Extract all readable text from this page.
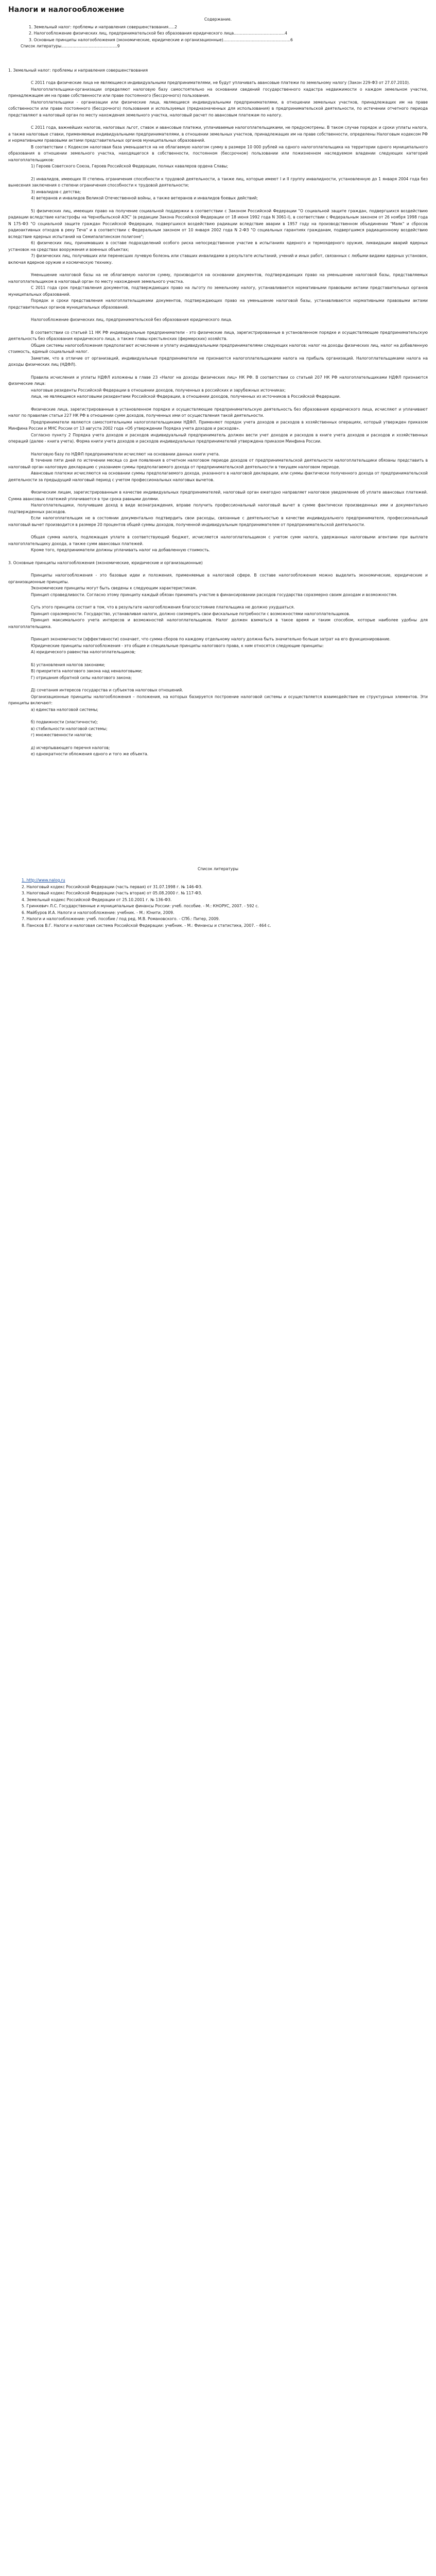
Налоги и налогообложение
Содержание.
1. Земельный налог: проблемы и направления совершенствования.....2
2. Налогообложение физических лиц, предпринимательской без образования юридического лица.........................................4
3. Основные принципы налогообложения (экономические, юридические и организационные)......................................................6
Список литературы.............................................9
1. Земельный налог: проблемы и направления совершенствования

С 2011 года физические лица не являющиеся индивидуальными предпринимателями, не будут уплачивать авансовые платежи по земельному налогу (Закон 229-ФЗ от 27.07.2010).

Налогоплательщики-организации определяют налоговую базу самостоятельно на основании сведений государственного кадастра недвижимости о каждом земельном участке, принадлежащем им на праве собственности или праве постоянного (бессрочного) пользования.

Налогоплательщики - организации или физические лица, являющиеся индивидуальными предпринимателями, в отношении земельных участков, принадлежащих им на праве собственности или праве постоянного (бессрочного) пользования и используемых (предназначенных для использования) в предпринимательской деятельности, по истечении отчетного периода представляют в налоговый орган по месту нахождения земельного участка, налоговый расчет по авансовым платежам по налогу.

С 2011 года, важнейших налогов, налоговых льгот, ставок и авансовые платежи, уплачиваемые налогоплательщиками, не предусмотрены. В таком случае порядок и сроки уплаты налога, а также налоговые ставки, применяемые индивидуальными предпринимателями, в отношении земельных участков, принадлежащих им на праве собственности, определены Налоговым кодексом РФ и нормативными правовыми актами представительных органов муниципальных образований.

В соответствии с Кодексом налоговая база уменьшается на не облагаемую налогом сумму в размере 10 000 рублей на одного налогоплательщика на территории одного муниципального образования в отношении земельного участка, находящегося в собственности, постоянном (бессрочном) пользовании или пожизненном наследуемом владении следующих категорий налогоплательщиков:

1) Героев Советского Союза, Героев Российской Федерации, полных кавалеров ордена Славы;

2) инвалидов, имеющих III степень ограничения способности к трудовой деятельности, а также лиц, которые имеют I и II группу инвалидности, установленную до 1 января 2004 года без вынесения заключения о степени ограничения способности к трудовой деятельности;

3) инвалидов с детства;

4) ветеранов и инвалидов Великой Отечественной войны, а также ветеранов и инвалидов боевых действий;

5) физических лиц, имеющих право на получение социальной поддержки в соответствии с Законом Российской Федерации "О социальной защите граждан, подвергшихся воздействию радиации вследствие катастрофы на Чернобыльской АЭС" (в редакции Закона Российской Федерации от 18 июня 1992 года N 3061-I), в соответствии с Федеральным законом от 26 ноября 1998 года N 175-ФЗ "О социальной защите граждан Российской Федерации, подвергшихся воздействию радиации вследствие аварии в 1957 году на производственном объединении "Маяк" и сбросов радиоактивных отходов в реку Теча" и в соответствии с Федеральным законом от 10 января 2002 года N 2-ФЗ "О социальных гарантиях гражданам, подвергшимся радиационному воздействию вследствие ядерных испытаний на Семипалатинском полигоне";

6) физических лиц, принимавших в составе подразделений особого риска непосредственное участие в испытаниях ядерного и термоядерного оружия, ликвидации аварий ядерных установок на средствах вооружения и военных объектах;

7) физических лиц, получивших или перенесших лучевую болезнь или ставших инвалидами в результате испытаний, учений и иных работ, связанных с любыми видами ядерных установок, включая ядерное оружие и космическую технику.

Уменьшение налоговой базы на не облагаемую налогом сумму, производится на основании документов, подтверждающих право на уменьшение налоговой базы, представляемых налогоплательщиком в налоговый орган по месту нахождения земельного участка.

С 2011 года срок представления документов, подтверждающих право на льготу по земельному налогу, устанавливается нормативными правовыми актами представительных органов муниципальных образований.

Порядок и сроки представления налогоплательщиками документов, подтверждающих право на уменьшение налоговой базы, устанавливаются нормативными правовыми актами представительных органов муниципальных образований.

Налогообложение физических лиц, предпринимательской без образования юридического лица.

В соответствии со статьей 11 НК РФ индивидуальные предприниматели - это физические лица, зарегистрированные в установленном порядке и осуществляющие предпринимательскую деятельность без образования юридического лица, а также главы крестьянских (фермерских) хозяйств.

Общие системы налогообложения предполагают исчисление и уплату индивидуальными предпринимателями следующих налогов: налог на доходы физических лиц, налог на добавленную стоимость, единый социальный налог.

Заметим, что в отличие от организаций, индивидуальные предприниматели не признаются налогоплательщиками налога на прибыль организаций. Налогоплательщиками налога на доходы физических лиц (НДФЛ).

Правила исчисления и уплаты НДФЛ изложены в главе 23 «Налог на доходы физических лиц» НК РФ. В соответствии со статьей 207 НК РФ налогоплательщиками НДФЛ признаются физические лица:

налоговые резиденты Российской Федерации в отношении доходов, полученных в российских и зарубежных источниках;

лица, не являющиеся налоговыми резидентами Российской Федерации, в отношении доходов, полученных из источников в Российской Федерации.

Физические лица, зарегистрированные в установленном порядке и осуществляющие предпринимательскую деятельность без образования юридического лица, исчисляют и уплачивают налог по правилам статьи 227 НК РФ в отношении сумм доходов, полученных ими от осуществления такой деятельности.

Предприниматели являются самостоятельными налогоплательщиками НДФЛ. Применяют порядок учета доходов и расходов в хозяйственных операциях, который утвержден приказом Минфина России и МНС России от 13 августа 2002 года «Об утверждении Порядка учета доходов и расходов».

Согласно пункту 2 Порядка учета доходов и расходов индивидуальный предприниматель должен вести учет доходов и расходов в книге учета доходов и расходов и хозяйственных операций (далее - книга учета). Форма книги учета доходов и расходов индивидуальных предпринимателей утверждена приказом Минфина России.

Налоговую базу по НДФЛ предприниматели исчисляют на основании данных книги учета.

В течение пяти дней по истечении месяца со дня появления в отчетном налоговом периоде доходов от предпринимательской деятельности налогоплательщики обязаны представить в налоговый орган налоговую декларацию с указанием суммы предполагаемого дохода от предпринимательской деятельности в текущем налоговом периоде.

Авансовые платежи исчисляются на основании суммы предполагаемого дохода, указанного в налоговой декларации, или суммы фактически полученного дохода от предпринимательской деятельности за предыдущий налоговый период с учетом профессиональных налоговых вычетов.

Физическим лицам, зарегистрированным в качестве индивидуальных предпринимателей, налоговый орган ежегодно направляет налоговое уведомление об уплате авансовых платежей. Сумма авансовых платежей уплачивается в три срока равными долями.

Налогоплательщики, получившие доход в виде вознаграждения, вправе получить профессиональный налоговый вычет в сумме фактически произведенных ими и документально подтвержденных расходов.

Если налогоплательщик не в состоянии документально подтвердить свои расходы, связанные с деятельностью в качестве индивидуального предпринимателя, профессиональный налоговый вычет производится в размере 20 процентов общей суммы доходов, полученной индивидуальным предпринимателем от предпринимательской деятельности.

Общая сумма налога, подлежащая уплате в соответствующий бюджет, исчисляется налогоплательщиком с учетом сумм налога, удержанных налоговыми агентами при выплате налогоплательщику дохода, а также сумм авансовых платежей.

Кроме того, предприниматели должны уплачивать налог на добавленную стоимость.

3. Основные принципы налогообложения (экономические, юридические и организационные)

Принципы налогообложения - это базовые идеи и положения, применяемые в налоговой сфере. В составе налогообложения можно выделить экономические, юридические и организационные принципы.

Экономические принципы могут быть сведены к следующим характеристикам.

Принцип справедливости. Согласно этому принципу каждый обязан принимать участие в финансировании расходов государства соразмерно своим доходам и возможностям.

Суть этого принципа состоит в том, что в результате налогообложения благосостояние плательщика не должно ухудшаться.

Принцип соразмерности. Государство, устанавливая налоги, должно соизмерять свои фискальные потребности с возможностями налогоплательщиков.

Принцип максимального учета интересов и возможностей налогоплательщиков. Налог должен взиматься в такое время и таким способом, которые наиболее удобны для налогоплательщика.

Принцип экономичности (эффективности) означает, что сумма сборов по каждому отдельному налогу должна быть значительно больше затрат на его функционирование.

Юридические принципы налогообложения - это общие и специальные принципы налогового права, к ним относятся следующие принципы:

А) юридического равенства налогоплательщиков;

Б) установления налогов законами;

В) приоритета налогового закона над неналоговыми;

Г) отрицания обратной силы налогового закона;

Д) сочетания интересов государства и субъектов налоговых отношений.

Организационные принципы налогообложения – положения, на которых базируется построение налоговой системы и осуществляется взаимодействие ее структурных элементов. Эти принципы включают:

а) единства налоговой системы;

б) подвижности (эластичности);

в) стабильности налоговой системы;

г) множественности налогов;

д) исчерпывающего перечня налогов;

е) однократности обложения одного и того же объекта.

Список литературы
1. http://www.nalog.ru
2. Налоговый кодекс Российской Федерации (часть первая) от 31.07.1998 г. № 146-ФЗ.
3. Налоговый кодекс Российской Федерации (часть вторая) от 05.08.2000 г. № 117-ФЗ.
4. Земельный кодекс Российской Федерации от 25.10.2001 г. № 136-ФЗ.
5. Гринкевич Л.С. Государственные и муниципальные финансы России: учеб. пособие. - М.: КНОРУС, 2007. - 592 с.
6. Майбуров И.А. Налоги и налогообложение: учебник. - М.: Юнити, 2009.
7. Налоги и налогообложение: учеб. пособие / под ред. М.В. Романовского. - СПб.: Питер, 2009.
8. Пансков В.Г. Налоги и налоговая система Российской Федерации: учебник. - М.: Финансы и статистика, 2007. - 464 с.
